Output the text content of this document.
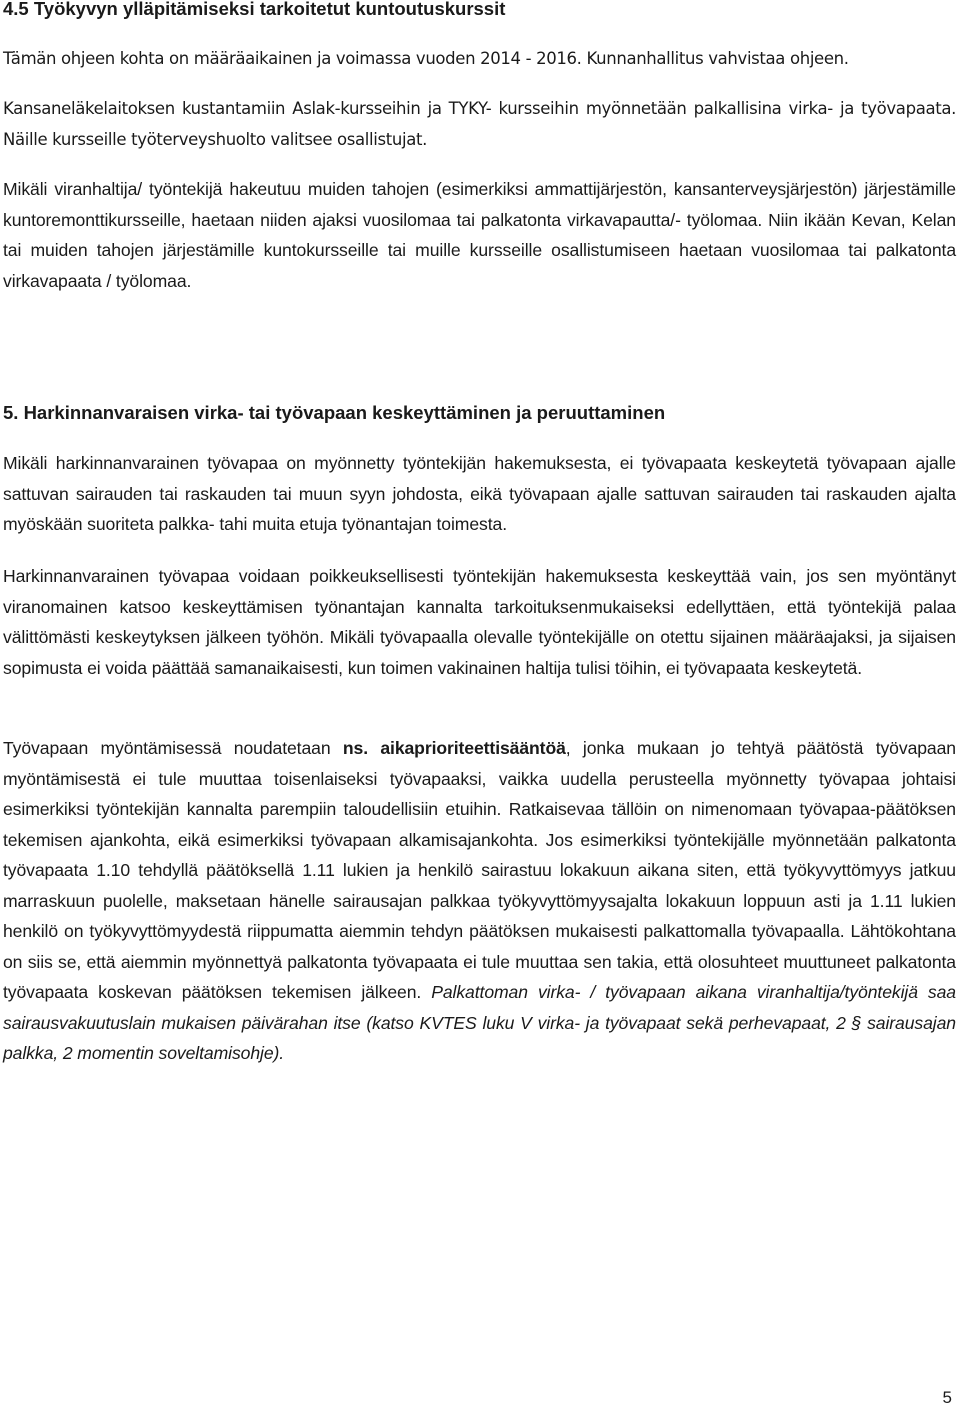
4.5 Työkyvyn ylläpitämiseksi tarkoitetut kuntoutuskurssit

Tämän ohjeen kohta on määräaikainen ja voimassa vuoden 2014 - 2016. Kunnanhallitus vahvistaa ohjeen.

Kansaneläkelaitoksen kustantamiin Aslak-kursseihin ja TYKY- kursseihin myönnetään palkallisina virka- ja työvapaata. Näille kursseille työterveyshuolto valitsee osallistujat.

Mikäli viranhaltija/ työntekijä hakeutuu muiden tahojen (esimerkiksi ammattijärjestön, kansanterveysjärjestön) järjestämille kuntoremonttikursseille, haetaan niiden ajaksi vuosilomaa tai palkatonta virkavapautta/- työlomaa. Niin ikään Kevan, Kelan tai muiden tahojen järjestämille kuntokursseille tai muille kursseille osallistumiseen haetaan vuosilomaa tai palkatonta virkavapaata / työlomaa.

5. Harkinnanvaraisen virka- tai työvapaan keskeyttäminen ja peruuttaminen

Mikäli harkinnanvarainen työvapaa on myönnetty työntekijän hakemuksesta, ei työvapaata keskeytetä työvapaan ajalle sattuvan sairauden tai raskauden tai muun syyn johdosta, eikä työvapaan ajalle sattuvan sairauden tai raskauden ajalta myöskään suoriteta palkka- tahi muita etuja työnantajan toimesta.

Harkinnanvarainen työvapaa voidaan poikkeuksellisesti työntekijän hakemuksesta keskeyttää vain, jos sen myöntänyt viranomainen katsoo keskeyttämisen työnantajan kannalta tarkoituksenmukaiseksi edellyttäen, että työntekijä palaa välittömästi keskeytyksen jälkeen työhön. Mikäli työvapaalla olevalle työntekijälle on otettu sijainen määräajaksi, ja sijaisen sopimusta ei voida päättää samanaikaisesti, kun toimen vakinainen haltija tulisi töihin, ei työvapaata keskeytetä.

Työvapaan myöntämisessä noudatetaan ns. aikaprioriteettisääntöä, jonka mukaan jo tehtyä päätöstä työvapaan myöntämisestä ei tule muuttaa toisenlaiseksi työvapaaksi, vaikka uudella perusteella myönnetty työvapaa johtaisi esimerkiksi työntekijän kannalta parempiin taloudellisiin etuihin. Ratkaisevaa tällöin on nimenomaan työvapaa-päätöksen tekemisen ajankohta, eikä esimerkiksi työvapaan alkamisajankohta. Jos esimerkiksi työntekijälle myönnetään palkatonta työvapaata 1.10 tehdyllä päätöksellä 1.11 lukien ja henkilö sairastuu lokakuun aikana siten, että työkyvyttömyys jatkuu marraskuun puolelle, maksetaan hänelle sairausajan palkkaa työkyvyttömyysajalta lokakuun loppuun asti ja 1.11 lukien henkilö on työkyvyttömyydestä riippumatta aiemmin tehdyn päätöksen mukaisesti palkattomalla työvapaalla. Lähtökohtana on siis se, että aiemmin myönnettyä palkatonta työvapaata ei tule muuttaa sen takia, että olosuhteet muuttuneet palkatonta työvapaata koskevan päätöksen tekemisen jälkeen. Palkattoman virka- / työvapaan aikana viranhaltija/työntekijä saa sairausvakuutuslain mukaisen päivärahan itse (katso KVTES luku V virka- ja työvapaat sekä perhevapaat, 2 § sairausajan palkka, 2 momentin soveltamisohje).

5
